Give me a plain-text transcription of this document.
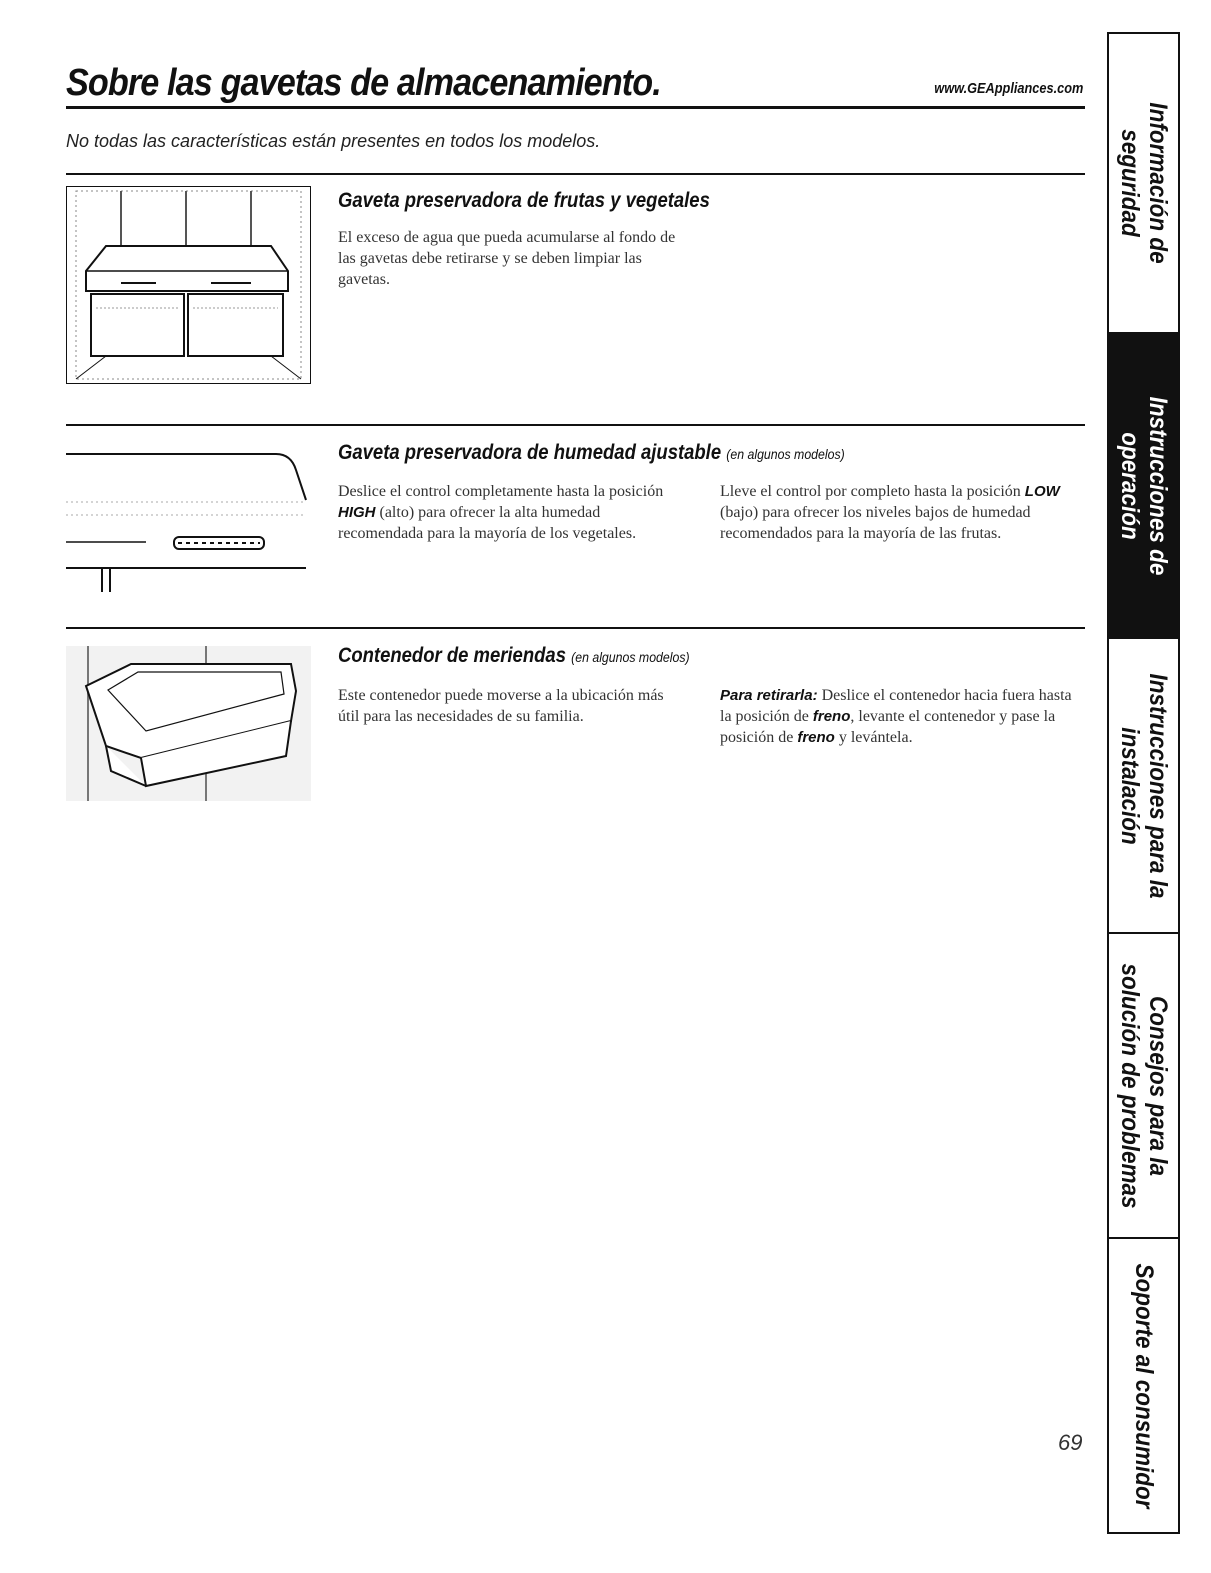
Sobre las gavetas de almacenamiento.	www.GEAppliances.com
No todas las características están presentes en todos los modelos.
Gaveta preservadora de frutas y vegetales
El exceso de agua que pueda acumularse al fondo de las gavetas debe retirarse y se deben limpiar las gavetas.
Gaveta preservadora de humedad ajustable (en algunos modelos)
Deslice el control completamente hasta la posición HIGH (alto) para ofrecer la alta humedad recomendada para la mayoría de los vegetales.
Lleve el control por completo hasta la posición LOW (bajo) para ofrecer los niveles bajos de humedad recomendados para la mayoría de las frutas.
Contenedor de meriendas (en algunos modelos)
Este contenedor puede moverse a la ubicación más útil para las necesidades de su familia.
Para retirarla: Deslice el contenedor hacia fuera hasta la posición de freno, levante el contenedor y pase la posición de freno y levántela.
Información de
seguridad
Instrucciones de
operación
Instrucciones para la
instalación
Consejos para la
solución de problemas
Soporte al consumidor
69
